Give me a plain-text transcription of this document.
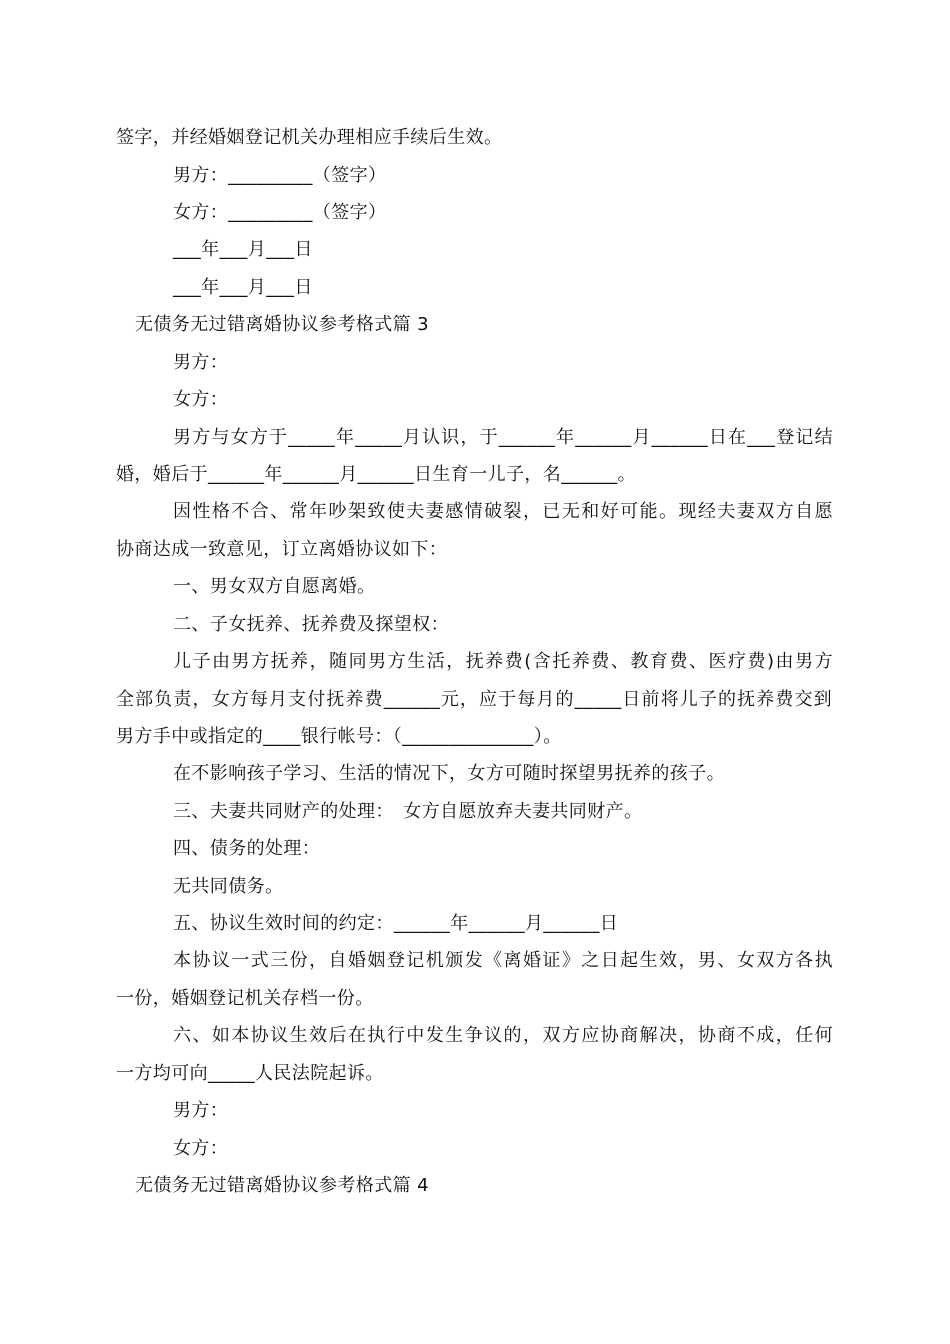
签字，并经婚姻登记机关办理相应手续后生效。
男方：_________（签字）
女方：_________（签字）
___年___月___日
___年___月___日
无债务无过错离婚协议参考格式篇 3
男方：
女方：
男方与女方于_____年_____月认识，于______年______月______日在___登记结
婚，婚后于______年______月______日生育一儿子，名______。
因性格不合、常年吵架致使夫妻感情破裂，已无和好可能。现经夫妻双方自愿
协商达成一致意见，订立离婚协议如下：
一、男女双方自愿离婚。
二、子女抚养、抚养费及探望权：
儿子由男方抚养，随同男方生活，抚养费(含托养费、教育费、医疗费)由男方
全部负责，女方每月支付抚养费______元，应于每月的_____日前将儿子的抚养费交到
男方手中或指定的____银行帐号：（______________）。
在不影响孩子学习、生活的情况下，女方可随时探望男抚养的孩子。
三、夫妻共同财产的处理：　女方自愿放弃夫妻共同财产。
四、债务的处理：
无共同债务。
五、协议生效时间的约定：______年______月______日
本协议一式三份，自婚姻登记机颁发《离婚证》之日起生效，男、女双方各执
一份，婚姻登记机关存档一份。
六、如本协议生效后在执行中发生争议的，双方应协商解决，协商不成，任何
一方均可向_____人民法院起诉。
男方：
女方：
无债务无过错离婚协议参考格式篇 4
